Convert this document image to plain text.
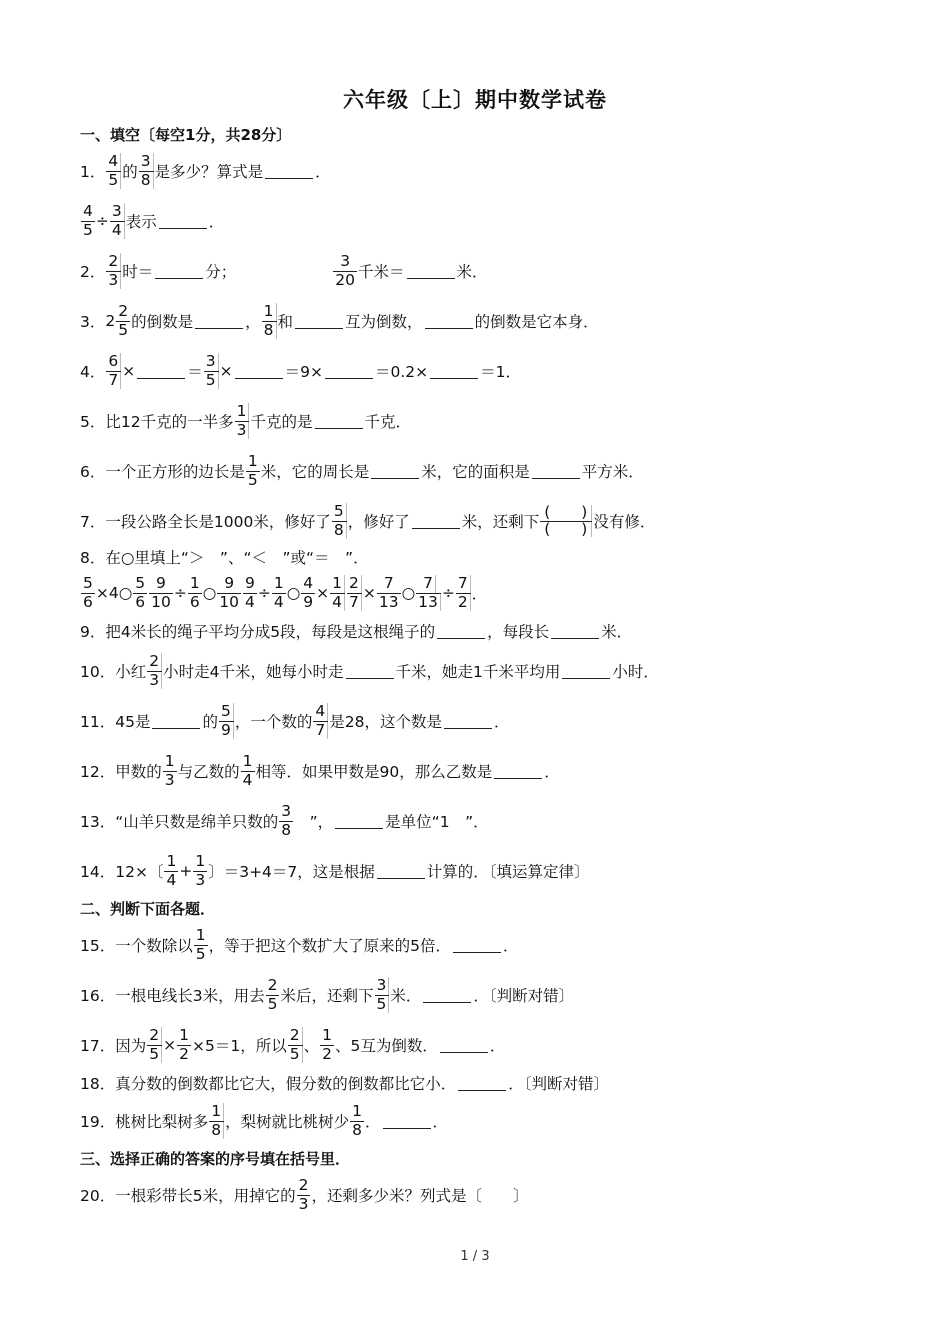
六年级〔上〕期中数学试卷
一、填空〔每空1分，共28分〕
1． $\frac{4}{5}$ 的 $\frac{3}{8}$ 是多少？算式是	．
$\frac{4}{5} \div \frac{3}{4}$ 表示	．
2． $\frac{2}{3}$ 时＝	分；	$\frac{3}{20}$ 千米＝	米．
3． $2 \frac{2}{5}$ 的倒数是	， $\frac{1}{8}$ 和	互为倒数，	的倒数是它本身．
4． $\frac{6}{7}$ ×	＝ $\frac{3}{5}$ ×	＝9×	＝0.2×	＝1．
5． 比12千克的一半多 $\frac{1}{3}$ 千克的是	千克．
6． 一个正方形的边长是 $\frac{1}{5}$ 米，它的周长是	米，它的面积是	平方米．
7． 一段公路全长是1000米，修好了 $\frac{5}{8}$ ，修好了	米，还剩下 $\frac{( )}{( )}$ 没有修．
8． 在○里填上“＞　”、“＜　”或“＝　”．
$\frac{5}{6}$ ×4○ $\frac{5}{6} \frac{9}{10} \div \frac{1}{6}$ ○ $\frac{9}{10} \frac{9}{4} \div \frac{1}{4}$ ○ $\frac{4}{9} \times \frac{1}{4} \frac{2}{7} \times \frac{7}{13}$ ○ $\frac{7}{13} \div \frac{7}{2}$ ．
9． 把4米长的绳子平均分成5段，每段是这根绳子的	，每段长	米．
10． 小红 $\frac{2}{3}$ 小时走4千米，她每小时走	千米，她走1千米平均用	小时．
11． 45是	的 $\frac{5}{9}$ ，一个数的 $\frac{4}{7}$ 是28，这个数是	．
12． 甲数的 $\frac{1}{3}$ 与乙数的 $\frac{1}{4}$ 相等．如果甲数是90，那么乙数是	．
13． “山羊只数是绵羊只数的 $\frac{3}{8}$ 　”，	是单位“1　”．
14． 12×〔 $\frac{1}{4} + \frac{1}{3}$ 〕＝3+4＝7，这是根据	计算的．〔填运算定律〕
二、判断下面各题．
15． 一个数除以 $\frac{1}{5}$ ，等于把这个数扩大了原来的5倍．	．
16． 一根电线长3米，用去 $\frac{2}{5}$ 米后，还剩下 $\frac{3}{5}$ 米．	．〔判断对错〕
17． 因为 $\frac{2}{5} \times \frac{1}{2} \times 5=1$，所以 $\frac{2}{5}$ 、 $\frac{1}{2}$ 、5互为倒数．	．
18． 真分数的倒数都比它大，假分数的倒数都比它小．	．〔判断对错〕
19． 桃树比梨树多 $\frac{1}{8}$ ，梨树就比桃树少 $\frac{1}{8}$ ．	．
三、选择正确的答案的序号填在括号里．
20． 一根彩带长5米，用掉它的 $\frac{2}{3}$ ，还剩多少米？列式是〔　　〕
1 / 3
